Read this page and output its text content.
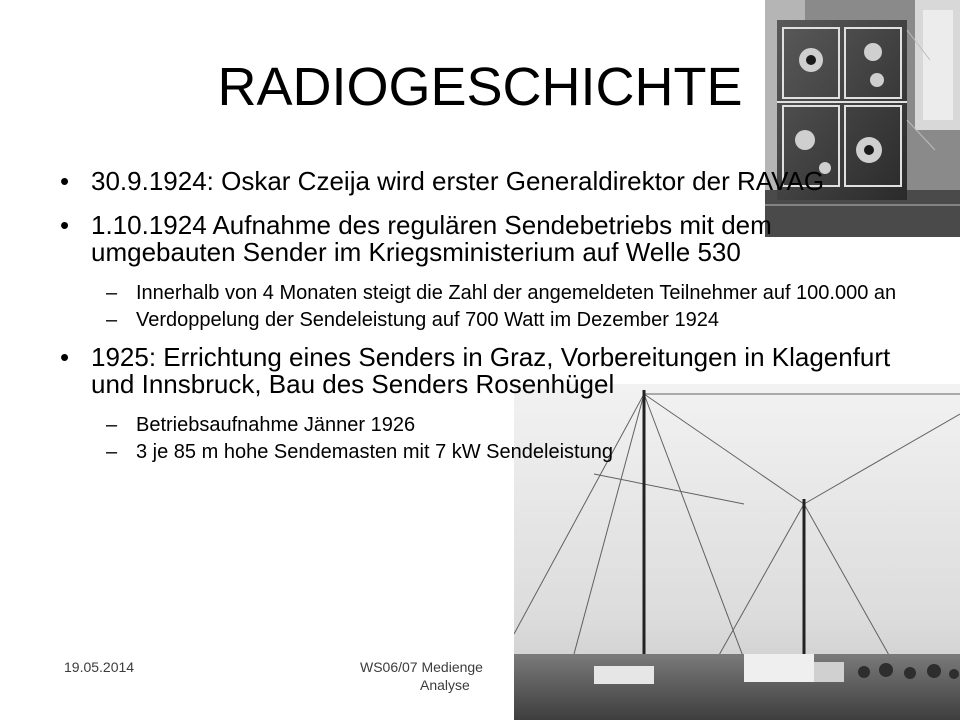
RADIOGESCHICHTE
• 30.9.1924: Oskar Czeija wird erster Generaldirektor der RAVAG
• 1.10.1924 Aufnahme des regulären Sendebetriebs mit dem umgebauten Sender im Kriegsministerium auf Welle 530
– Innerhalb von 4 Monaten steigt die Zahl der angemeldeten Teilnehmer auf 100.000 an
– Verdoppelung der Sendeleistung auf 700 Watt im Dezember 1924
• 1925: Errichtung eines Senders in Graz, Vorbereitungen in Klagenfurt und Innsbruck, Bau des Senders Rosenhügel
– Betriebsaufnahme Jänner 1926
– 3 je 85 m hohe Sendemasten mit 7 kW Sendeleistung
19.05.2014	WS06/07 Medienge
Analyse
